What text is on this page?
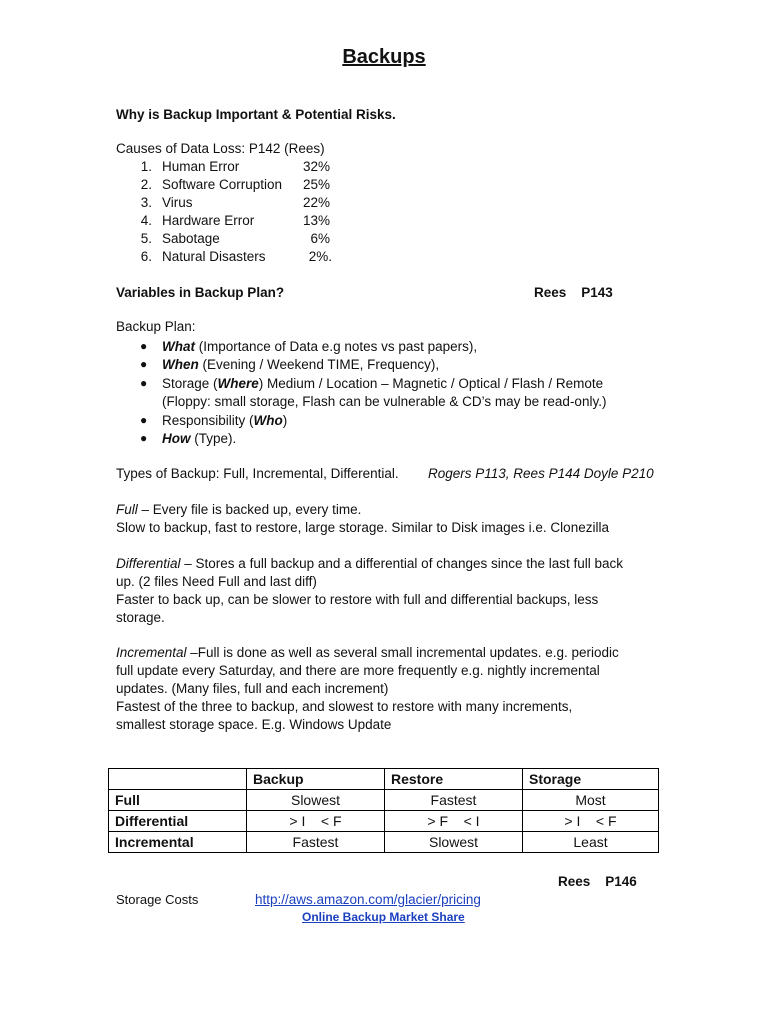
Backups
Why is Backup Important & Potential Risks.
Causes of Data Loss: P142 (Rees)
1. Human Error	32%
2. Software Corruption	25%
3. Virus	22%
4. Hardware Error	13%
5. Sabotage	6%
6. Natural Disasters	2%.
Variables in Backup Plan?	Rees    P143
Backup Plan:
● What (Importance of Data e.g notes vs past papers),
● When (Evening / Weekend TIME, Frequency),
● Storage (Where) Medium / Location – Magnetic / Optical / Flash / Remote
(Floppy: small storage, Flash can be vulnerable & CD’s may be read-only.)
● Responsibility (Who)
● How (Type).
Types of Backup: Full, Incremental, Differential. Rogers P113, Rees P144 Doyle P210
Full – Every file is backed up, every time.
Slow to backup, fast to restore, large storage. Similar to Disk images i.e. Clonezilla
Differential – Stores a full backup and a differential of changes since the last full back
up. (2 files Need Full and last diff)
Faster to back up, can be slower to restore with full and differential backups, less
storage.
Incremental –Full is done as well as several small incremental updates. e.g. periodic
full update every Saturday, and there are more frequently e.g. nightly incremental
updates. (Many files, full and each increment)
Fastest of the three to backup, and slowest to restore with many increments,
smallest storage space. E.g. Windows Update
	Backup	Restore	Storage
Full	Slowest	Fastest	Most
Differential	> I    < F	> F    < I	> I    < F
Incremental	Fastest	Slowest	Least
Rees    P146
Storage Costs	http://aws.amazon.com/glacier/pricing
Online Backup Market Share
